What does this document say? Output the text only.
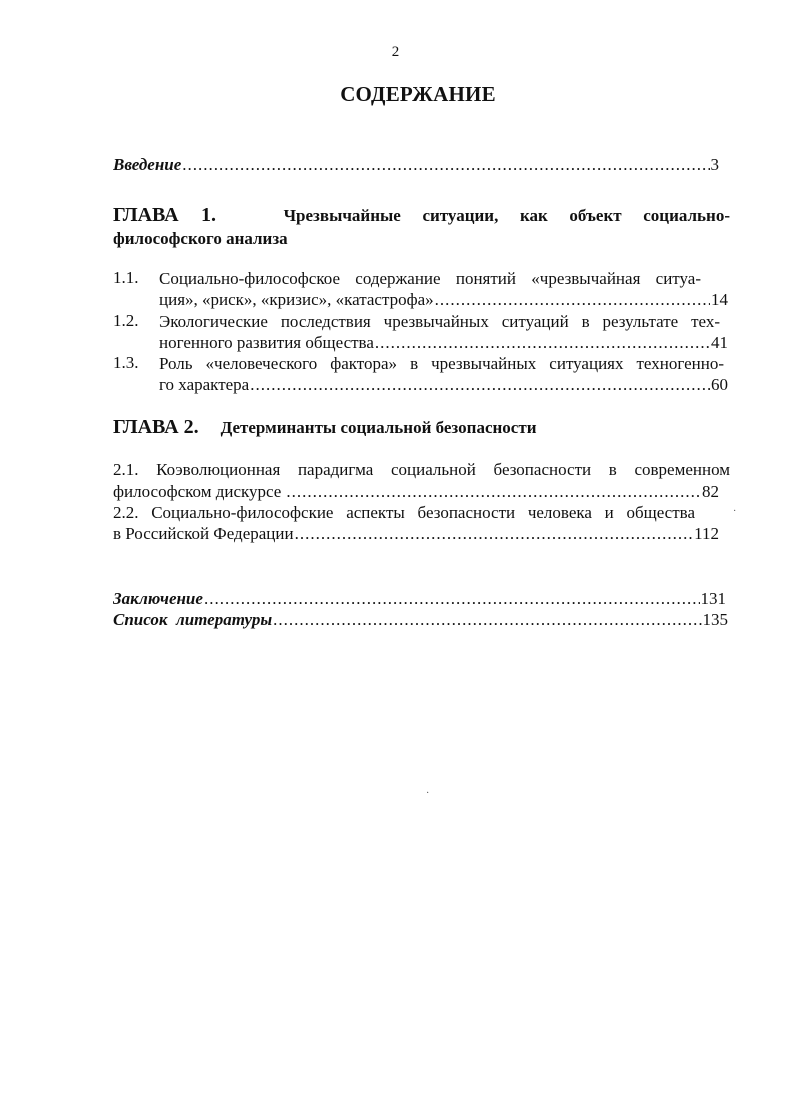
2
СОДЕРЖАНИЕ
Введение .....	3
ГЛАВА 1.	Чрезвычайные ситуации, как объект социально-
философского анализа
1.1. Социально-философское содержание понятий «чрезвычайная ситуа-
ция», «риск», «кризис», «катастрофа» .....	14
1.2. Экологические последствия чрезвычайных ситуаций в результате тех-
ногенного развития общества .....	41
1.3. Роль «человеческого фактора» в чрезвычайных ситуациях техногенно-
го характера .....	60
ГЛАВА 2. Детерминанты социальной безопасности
2.1. Коэволюционная парадигма социальной безопасности в современном
философском дискурсе .....	82
2.2. Социально-философские аспекты безопасности человека и общества
в Российской Федерации .....	112
Заключение .....	131
Список  литературы .....	135
·
·
